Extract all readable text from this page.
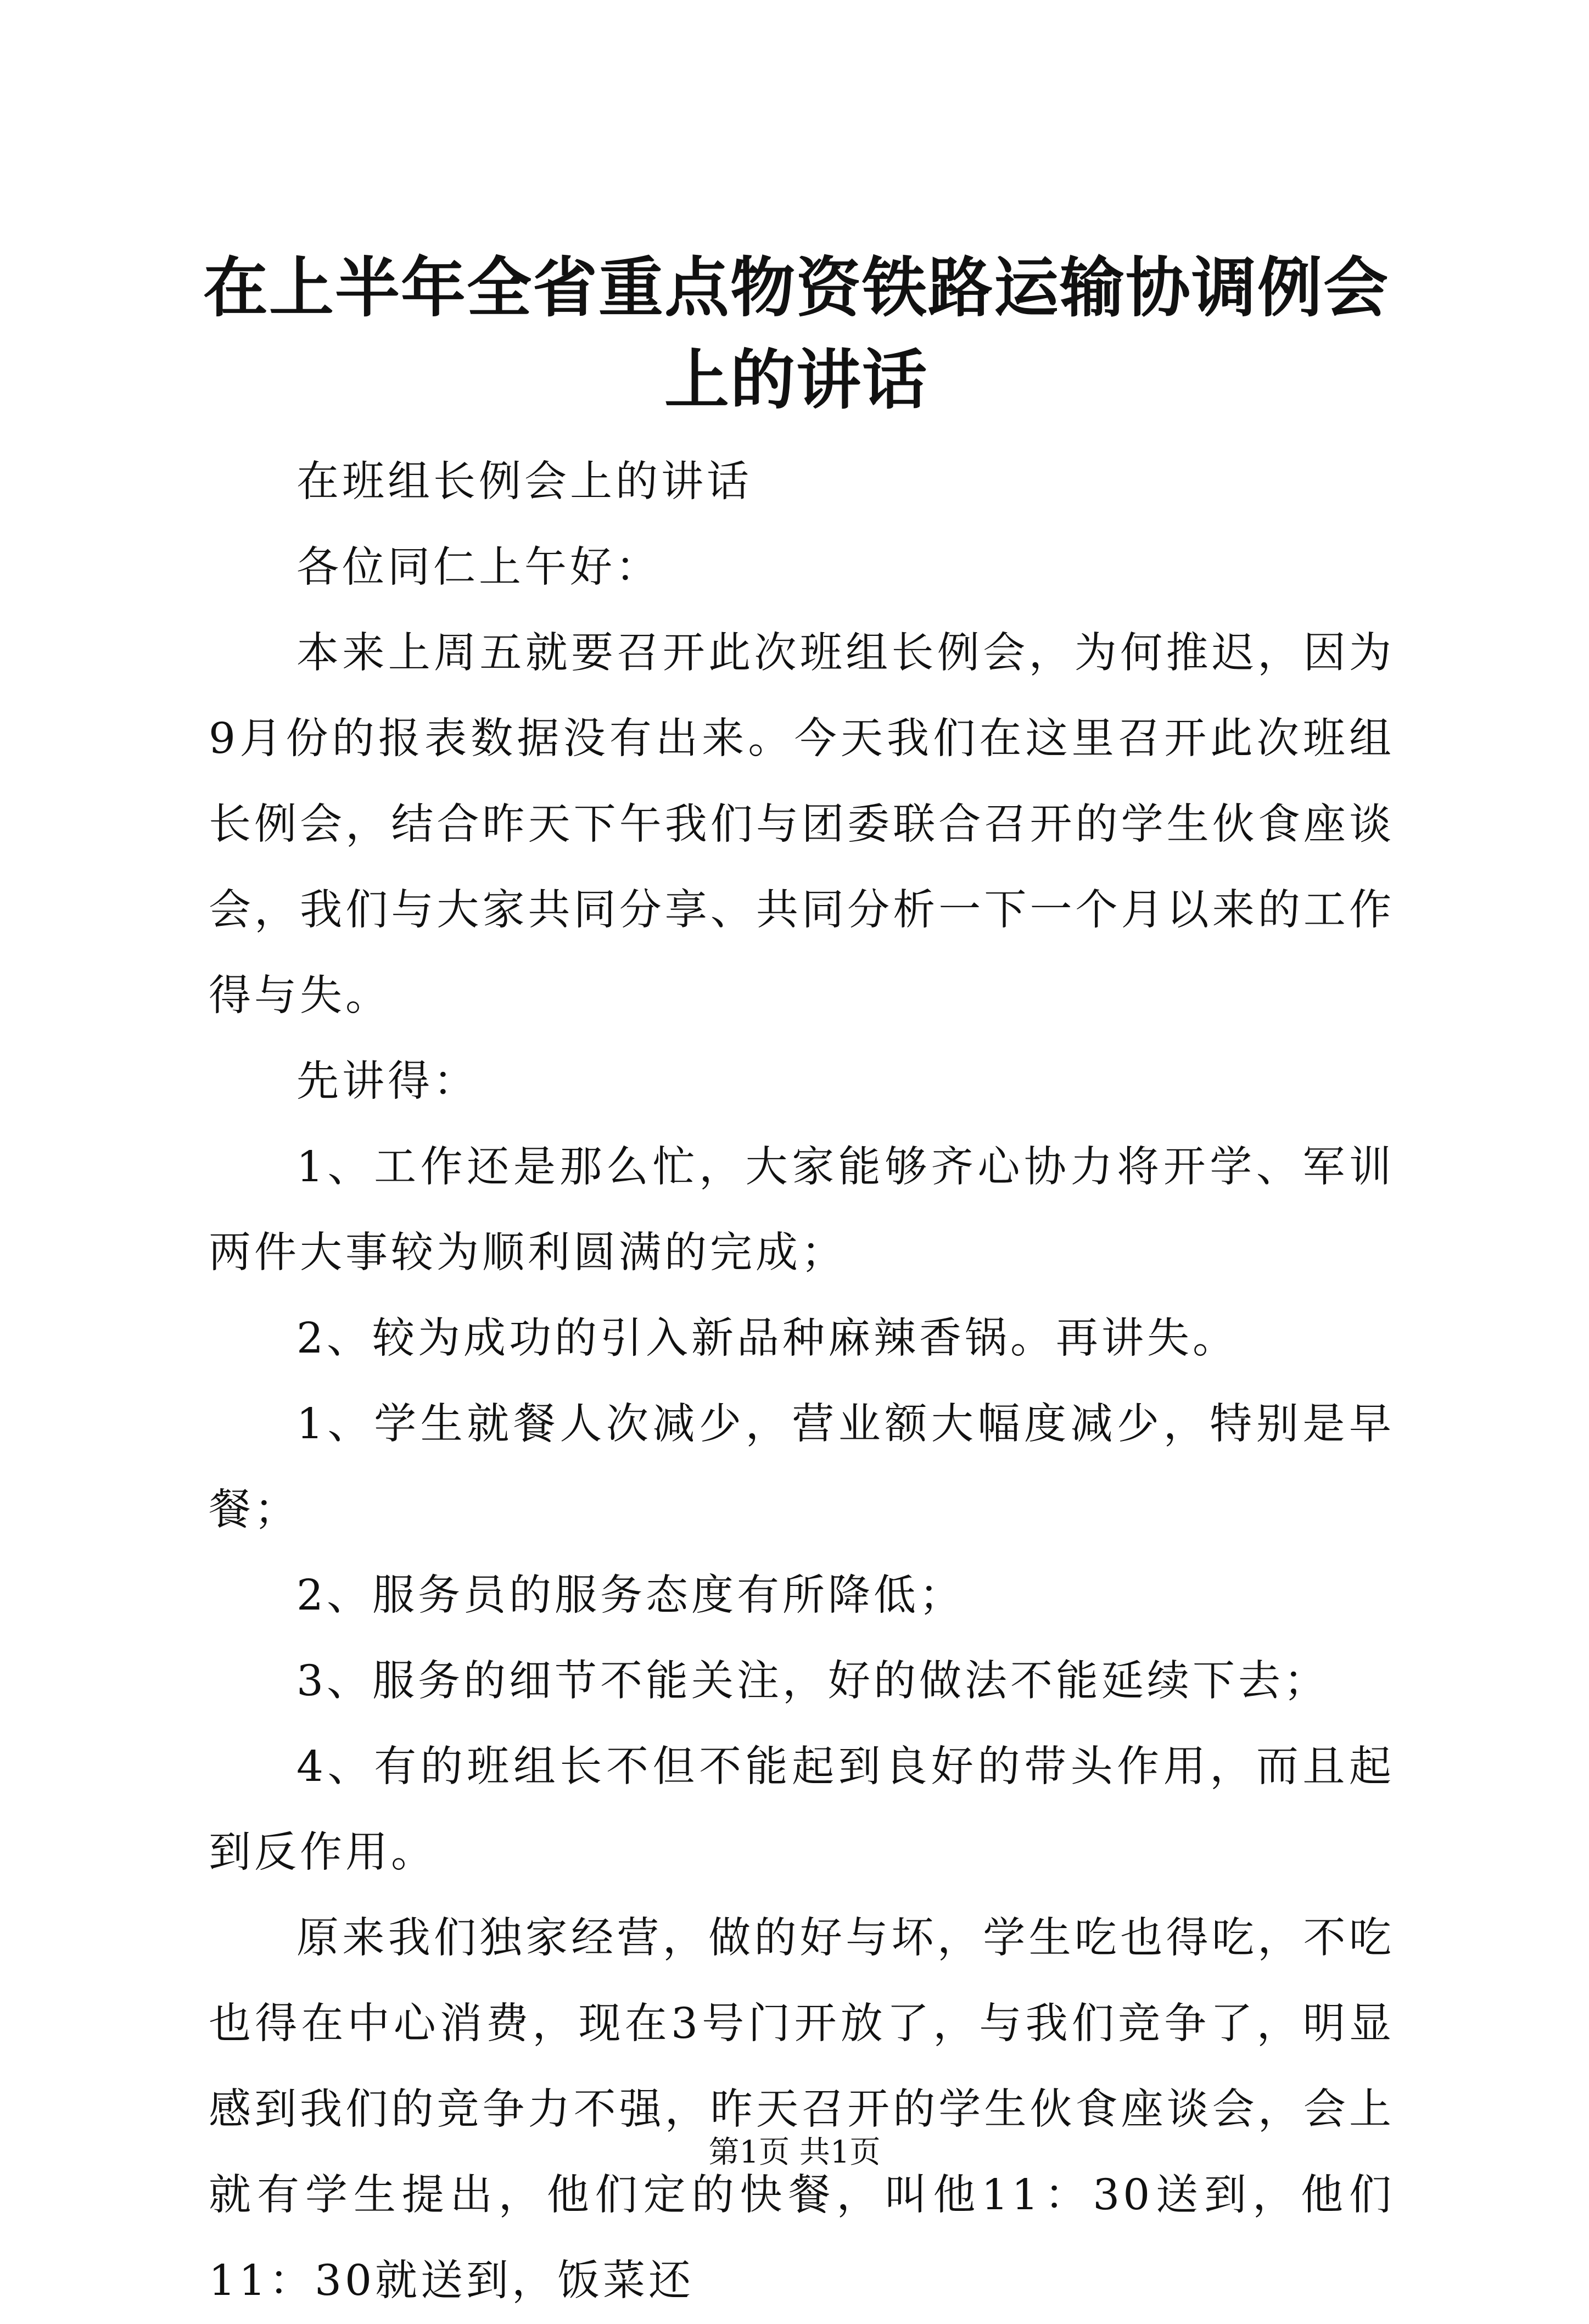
在上半年全省重点物资铁路运输协调例会上的讲话

在班组长例会上的讲话

各位同仁上午好：

本来上周五就要召开此次班组长例会，为何推迟，因为9月份的报表数据没有出来。今天我们在这里召开此次班组长例会，结合昨天下午我们与团委联合召开的学生伙食座谈会，我们与大家共同分享、共同分析一下一个月以来的工作得与失。

先讲得：

1、工作还是那么忙，大家能够齐心协力将开学、军训两件大事较为顺利圆满的完成；

2、较为成功的引入新品种麻辣香锅。再讲失。

1、学生就餐人次减少，营业额大幅度减少，特别是早餐；

2、服务员的服务态度有所降低；

3、服务的细节不能关注，好的做法不能延续下去；

4、有的班组长不但不能起到良好的带头作用，而且起到反作用。

原来我们独家经营，做的好与坏，学生吃也得吃，不吃也得在中心消费，现在3号门开放了，与我们竞争了，明显感到我们的竞争力不强，昨天召开的学生伙食座谈会，会上就有学生提出，他们定的快餐，叫他11：30送到，他们11：30就送到，饭菜还

第1页 共1页
